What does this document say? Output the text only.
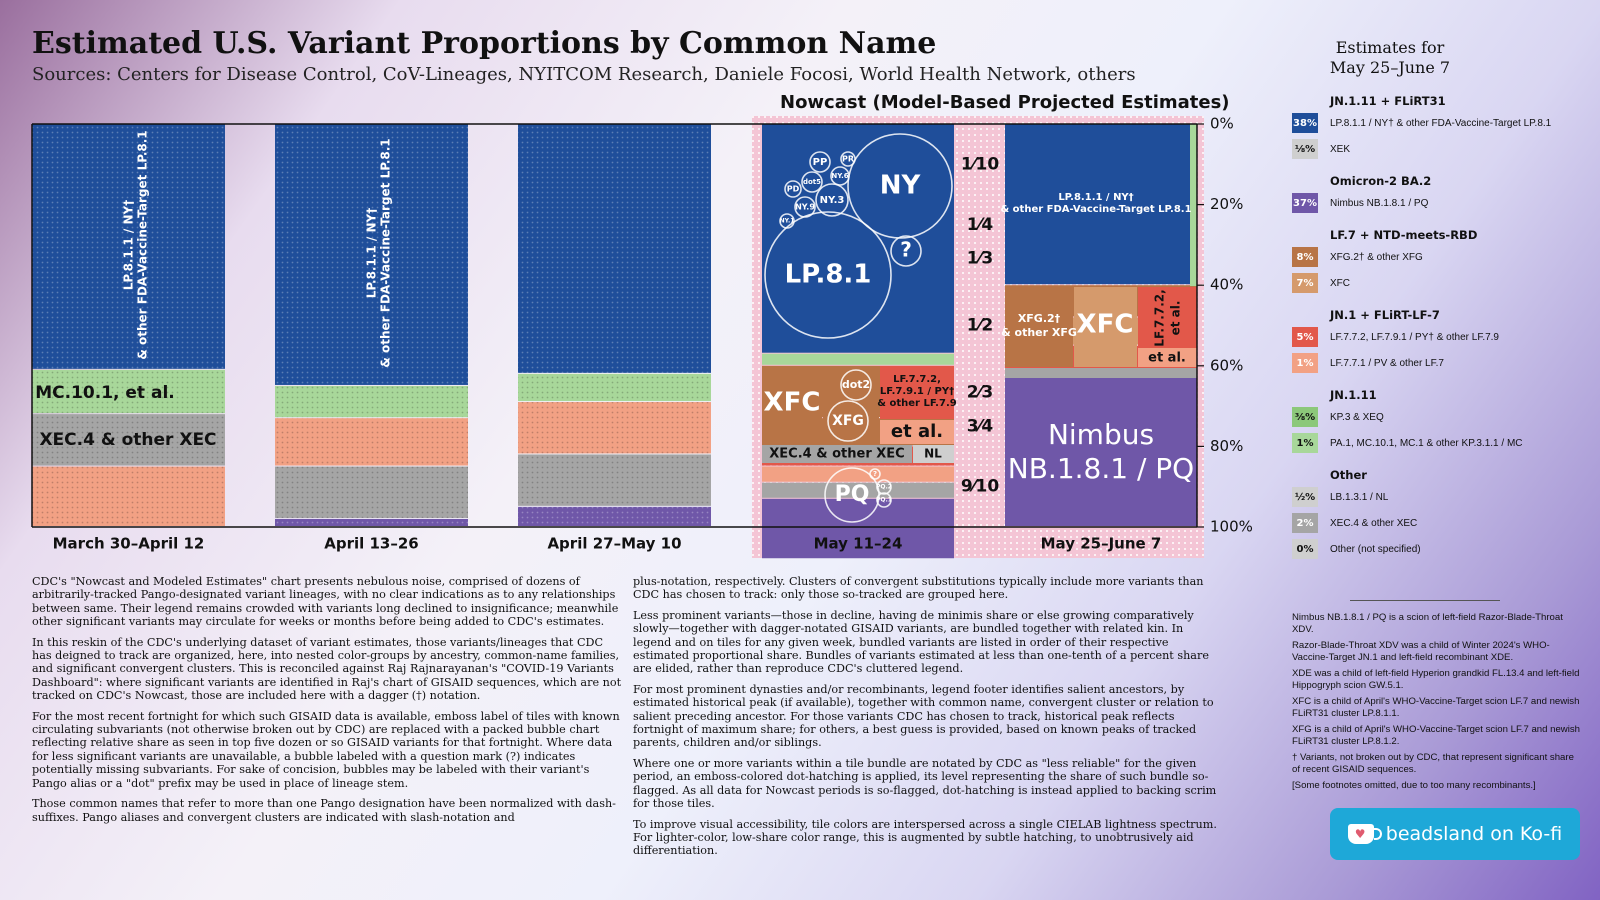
Estimated U.S. Variant Proportions by Common Name
Sources: Centers for Disease Control, CoV-Lineages, NYITCOM Research, Daniele Focosi, World Health Network, others
Nowcast (Model-Based Projected Estimates)
Estimates for
May 25–June 7
LP.8.1.1 / NY† & other FDA-Vaccine-Target LP.8.1
MC.10.1, et al.
XEC.4 & other XEC
LP.8.1.1 / NY† & other FDA-Vaccine-Target LP.8.1
XFC
LF.7.7.2,
LF.7.9.1 / PY†
& other LF.7.9
et al.
XEC.4 & other XEC NL
NY
LP.8.1
?
PP PR
NY.6
dot5
PD
NY.3
NY.9
NY.1
dot2
XFG
PQ
?
PQ.2
PQ.1
LP.8.1.1 / NY†
& other FDA-Vaccine-Target LP.8.1
XFG.2†
& other XFG XFC LF.7.7.2, et al.
et al.
Nimbus
NB.1.8.1 / PQ
0%
20%
40%
60%
80%
100%
1⁄10
1⁄4
1⁄3
1⁄2
2⁄3
3⁄4
9⁄10
March 30–April 12	April 13–26	April 27–May 10	May 11–24	May 25–June 7

CDC's "Nowcast and Modeled Estimates" chart presents nebulous noise, comprised of dozens of arbitrarily-tracked Pango-designated variant lineages, with no clear indications as to any relationships between same. Their legend remains crowded with variants long declined to insignificance; meanwhile other significant variants may circulate for weeks or months before being added to CDC's estimates.

In this reskin of the CDC's underlying dataset of variant estimates, those variants/lineages that CDC has deigned to track are organized, here, into nested color-groups by ancestry, common-name families, and significant convergent clusters. This is reconciled against Raj Rajnarayanan's "COVID-19 Variants Dashboard": where significant variants are identified in Raj's chart of GISAID sequences, which are not tracked on CDC's Nowcast, those are included here with a dagger (†) notation.

For the most recent fortnight for which such GISAID data is available, emboss label of tiles with known circulating subvariants (not otherwise broken out by CDC) are replaced with a packed bubble chart reflecting relative share as seen in top five dozen or so GISAID variants for that fortnight. Where data for less significant variants are unavailable, a bubble labeled with a question mark (?) indicates potentially missing subvariants. For sake of concision, bubbles may be labeled with their variant's Pango alias or a "dot" prefix may be used in place of lineage stem.

Those common names that refer to more than one Pango designation have been normalized with dash-suffixes. Pango aliases and convergent clusters are indicated with slash-notation and

plus-notation, respectively. Clusters of convergent substitutions typically include more variants than CDC has chosen to track: only those so-tracked are grouped here.

Less prominent variants—those in decline, having de minimis share or else growing comparatively slowly—together with dagger-notated GISAID variants, are bundled together with related kin. In legend and on tiles for any given week, bundled variants are listed in order of their respective estimated proportional share. Bundles of variants estimated at less than one-tenth of a percent share are elided, rather than reproduce CDC's cluttered legend.

For most prominent dynasties and/or recombinants, legend footer identifies salient ancestors, by estimated historical peak (if available), together with common name, convergent cluster or relation to salient preceding ancestor. For those variants CDC has chosen to track, historical peak reflects fortnight of maximum share; for others, a best guess is provided, based on known peaks of tracked parents, children and/or siblings.

Where one or more variants within a tile bundle are notated by CDC as "less reliable" for the given period, an emboss-colored dot-hatching is applied, its level representing the share of such bundle so-flagged. As all data for Nowcast periods is so-flagged, dot-hatching is instead applied to backing scrim for those tiles.

To improve visual accessibility, tile colors are interspersed across a single CIELAB lightness spectrum. For lighter-color, low-share color range, this is augmented by subtle hatching, to unobtrusively aid differentiation.

JN.1.11 + FLiRT31
38% LP.8.1.1 / NY† & other FDA-Vaccine-Target LP.8.1
⅛% XEK
Omicron-2 BA.2
37% Nimbus NB.1.8.1 / PQ
LF.7 + NTD-meets-RBD
8%	XFG.2† & other XFG
7%	XFC
JN.1 + FLiRT-LF-7
5%	LF.7.7.2, LF.7.9.1 / PY† & other LF.7.9
1%	LF.7.7.1 / PV & other LF.7
JN.1.11
⅜% KP.3 & XEQ
1%	PA.1, MC.10.1, MC.1 & other KP.3.1.1 / MC
Other
½% LB.1.3.1 / NL
2%	XEC.4 & other XEC
0%	Other (not specified)

Nimbus NB.1.8.1 / PQ is a scion of left-field Razor-Blade-Throat XDV.

Razor-Blade-Throat XDV was a child of Winter 2024's WHO-Vaccine-Target JN.1 and left-field recombinant XDE.

XDE was a child of left-field Hyperion grandkid FL.13.4 and left-field Hippogryph scion GW.5.1.

XFC is a child of April's WHO-Vaccine-Target scion LF.7 and newish FLiRT31 cluster LP.8.1.1.

XFG is a child of April's WHO-Vaccine-Target scion LF.7 and newish FLiRT31 cluster LP.8.1.2.

† Variants, not broken out by CDC, that represent significant share of recent GISAID sequences.

[Some footnotes omitted, due to too many recombinants.]

♥ beadsland on Ko-fi
